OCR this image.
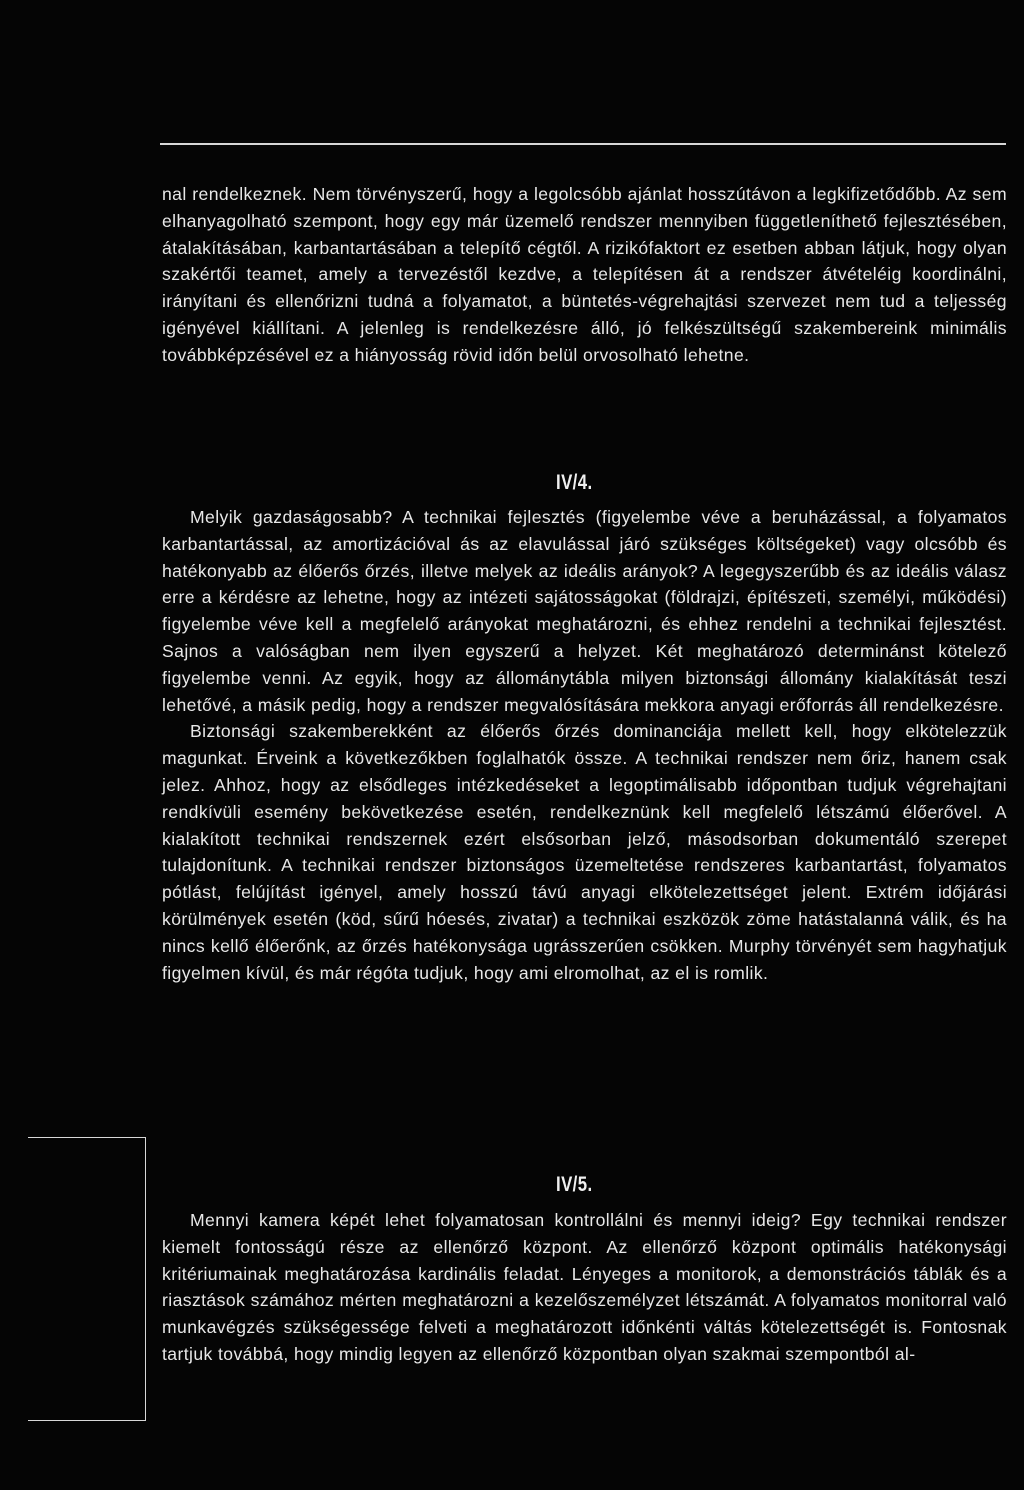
nal rendelkeznek. Nem törvényszerű, hogy a legolcsóbb ajánlat hosszútávon a legkifizetődőbb. Az sem elhanyagolható szempont, hogy egy már üzemelő rendszer mennyiben függetleníthető fejlesztésében, átalakításában, karbantartásában a telepítő cégtől. A rizikófaktort ez esetben abban látjuk, hogy olyan szakértői teamet, amely a tervezéstől kezdve, a telepítésen át a rendszer átvételéig koordinálni, irányítani és ellenőrizni tudná a folyamatot, a büntetés-végrehajtási szervezet nem tud a teljesség igényével kiállítani. A jelenleg is rendelkezésre álló, jó felkészültségű szakembereink minimális továbbképzésével ez a hiányosság rövid időn belül orvosolható lehetne.

IV/4.

Melyik gazdaságosabb? A technikai fejlesztés (figyelembe véve a beruházással, a folyamatos karbantartással, az amortizációval ás az elavulással járó szükséges költségeket) vagy olcsóbb és hatékonyabb az élőerős őrzés, illetve melyek az ideális arányok? A legegyszerűbb és az ideális válasz erre a kérdésre az lehetne, hogy az intézeti sajátosságokat (földrajzi, építészeti, személyi, működési) figyelembe véve kell a megfelelő arányokat meghatározni, és ehhez rendelni a technikai fejlesztést. Sajnos a valóságban nem ilyen egyszerű a helyzet. Két meghatározó determinánst kötelező figyelembe venni. Az egyik, hogy az állománytábla milyen biztonsági állomány kialakítását teszi lehetővé, a másik pedig, hogy a rendszer megvalósítására mekkora anyagi erőforrás áll rendelkezésre.

Biztonsági szakemberekként az élőerős őrzés dominanciája mellett kell, hogy elkötelezzük magunkat. Érveink a következőkben foglalhatók össze. A technikai rendszer nem őriz, hanem csak jelez. Ahhoz, hogy az elsődleges intézkedéseket a legoptimálisabb időpontban tudjuk végrehajtani rendkívüli esemény bekövetkezése esetén, rendelkeznünk kell megfelelő létszámú élőerővel. A kialakított technikai rendszernek ezért elsősorban jelző, másodsorban dokumentáló szerepet tulajdonítunk. A technikai rendszer biztonságos üzemeltetése rendszeres karbantartást, folyamatos pótlást, felújítást igényel, amely hosszú távú anyagi elkötelezettséget jelent. Extrém időjárási körülmények esetén (köd, sűrű hóesés, zivatar) a technikai eszközök zöme hatástalanná válik, és ha nincs kellő élőerőnk, az őrzés hatékonysága ugrásszerűen csökken. Murphy törvényét sem hagyhatjuk figyelmen kívül, és már régóta tudjuk, hogy ami elromolhat, az el is romlik.

IV/5.

Mennyi kamera képét lehet folyamatosan kontrollálni és mennyi ideig? Egy technikai rendszer kiemelt fontosságú része az ellenőrző központ. Az ellenőrző központ optimális hatékonysági kritériumainak meghatározása kardinális feladat. Lényeges a monitorok, a demonstrációs táblák és a riasztások számához mérten meghatározni a kezelőszemélyzet létszámát. A folyamatos monitorral való munkavégzés szükségessége felveti a meghatározott időnkénti váltás kötelezettségét is. Fontosnak tartjuk továbbá, hogy mindig legyen az ellenőrző központban olyan szakmai szempontból al-
